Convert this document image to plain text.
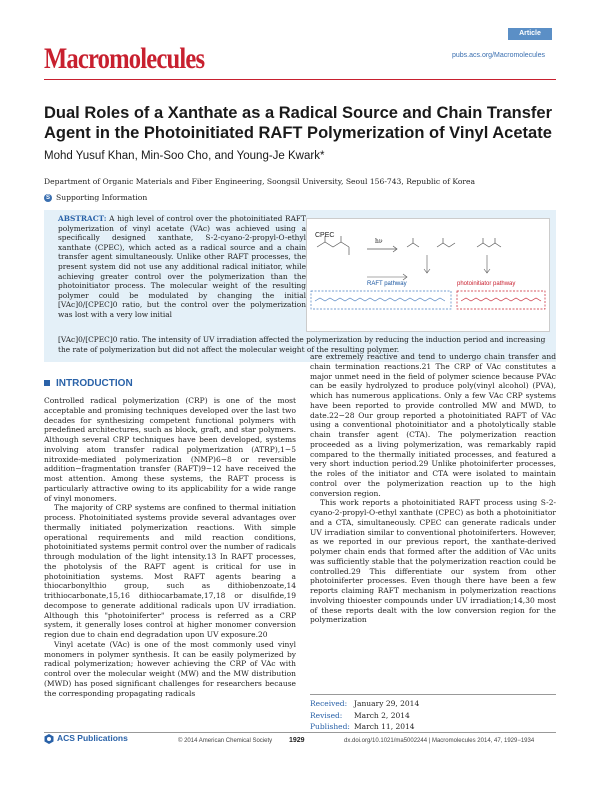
Article
Macromolecules	pubs.acs.org/Macromolecules
Dual Roles of a Xanthate as a Radical Source and Chain Transfer Agent in the Photoinitiated RAFT Polymerization of Vinyl Acetate
Mohd Yusuf Khan, Min-Soo Cho, and Young-Je Kwark*
Department of Organic Materials and Fiber Engineering, Soongsil University, Seoul 156-743, Republic of Korea
S Supporting Information
ABSTRACT: A high level of control over the photoinitiated RAFT polymerization of vinyl acetate (VAc) was achieved using a specifically designed xanthate, S-2-cyano-2-propyl-O-ethyl xanthate (CPEC), which acted as a radical source and a chain transfer agent simultaneously. Unlike other RAFT processes, the present system did not use any additional radical initiator, while achieving greater control over the polymerization than the photoinitiator process. The molecular weight of the resulting polymer could be modulated by changing the initial [VAc]0/[CPEC]0 ratio, but the control over the polymerization was lost with a very low initial
[VAc]0/[CPEC]0 ratio. The intensity of UV irradiation affected the polymerization by reducing the induction period and increasing the rate of polymerization but did not affect the molecular weight of the resulting polymer.
CPEC
hν
RAFT pathway	photoinitiator pathway
INTRODUCTION

Controlled radical polymerization (CRP) is one of the most acceptable and promising techniques developed over the last two decades for synthesizing competent functional polymers with predefined architectures, such as block, graft, and star polymers. Although several CRP techniques have been developed, systems involving atom transfer radical polymerization (ATRP),1−5 nitroxide-mediated polymerization (NMP)6−8 or reversible addition−fragmentation transfer (RAFT)9−12 have received the most attention. Among these systems, the RAFT process is particularly attractive owing to its applicability for a wide range of vinyl monomers.

The majority of CRP systems are confined to thermal initiation process. Photoinitiated systems provide several advantages over thermally initiated polymerization reactions. With simple operational requirements and mild reaction conditions, photoinitiated systems permit control over the number of radicals through modulation of the light intensity.13 In RAFT processes, the photolysis of the RAFT agent is critical for use in photoinitiation systems. Most RAFT agents bearing a thiocarbonylthio group, such as dithiobenzoate,14 trithiocarbonate,15,16 dithiocarbamate,17,18 or disulfide,19 decompose to generate additional radicals upon UV irradiation. Although this "photoiniferter" process is referred as a CRP system, it generally loses control at higher monomer conversion region due to chain end degradation upon UV exposure.20

Vinyl acetate (VAc) is one of the most commonly used vinyl monomers in polymer synthesis. It can be easily polymerized by radical polymerization; however achieving the CRP of VAc with control over the molecular weight (MW) and the MW distribution (MWD) has posed significant challenges for researchers because the corresponding propagating radicals

are extremely reactive and tend to undergo chain transfer and chain termination reactions.21 The CRP of VAc constitutes a major unmet need in the field of polymer science because PVAc can be easily hydrolyzed to produce poly(vinyl alcohol) (PVA), which has numerous applications. Only a few VAc CRP systems have been reported to provide controlled MW and MWD, to date.22−28 Our group reported a photoinitiated RAFT of VAc using a conventional photoinitiator and a photolytically stable chain transfer agent (CTA). The polymerization reaction proceeded as a living polymerization, was remarkably rapid compared to the thermally initiated processes, and featured a very short induction period.29 Unlike photoiniferter processes, the roles of the initiator and CTA were isolated to maintain control over the polymerization reaction up to the high conversion region.

This work reports a photoinitiated RAFT process using S-2-cyano-2-propyl-O-ethyl xanthate (CPEC) as both a photoinitiator and a CTA, simultaneously. CPEC can generate radicals under UV irradiation similar to conventional photoiniferters. However, as we reported in our previous report, the xanthate-derived polymer chain ends that formed after the addition of VAc units was sufficiently stable that the polymerization reaction could be controlled.29 This differentiate our system from other photoiniferter processes. Even though there have been a few reports claiming RAFT mechanism in polymerization reactions involving thioester compounds under UV irradiation;14,30 most of these reports dealt with the low conversion region for the polymerization

Received: January 29, 2014
Revised: March 2, 2014
Published: March 11, 2014
ACS Publications	© 2014 American Chemical Society 1929	dx.doi.org/10.1021/ma5002244 | Macromolecules 2014, 47, 1929−1934
